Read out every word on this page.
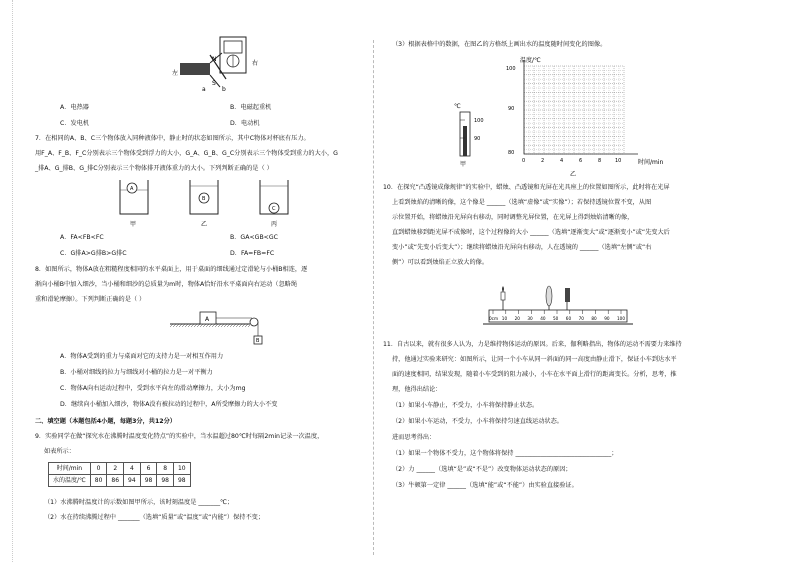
左
右
a	b
N
S
A．电热器	B．电磁起重机
C．发电机	D．电动机
7．在相同的A、B、C三个物体放入同种液体中，静止时的状态如图所示，其中C物体对杯底有压力。
用F_A、F_B、F_C分别表示三个物体受到浮力的大小，G_A、G_B、G_C分别表示三个物体受到重力的大小，G
_排A、G_排B、G_排C分别表示三个物体排开液体重力的大小。下列判断正确的是（ ）
A
甲
B
乙
C
丙
A．FA<FB<FC	B．GA<GB<GC
C．G排A>G排B>G排C	D．FA=FB=FC
8．如图所示，物体A放在粗糙程度相同的水平桌面上，用于桌面的细线通过定滑轮与小桶B相连，逐
渐向小桶B中加入细沙，当小桶和细沙的总质量为m时，物体A恰好沿水平桌面向右运动（忽略绳
重和滑轮摩擦）。下列判断正确的是（ ）
A
B
A．物体A受到的重力与桌面对它的支持力是一对相互作用力
B．小桶对细线的拉力与细线对小桶的拉力是一对平衡力
C．物体A向右运动过程中，受到水平向左的滑动摩擦力，大小为mg
D．继续向小桶加入细沙，物体A没有被拉动的过程中，A所受摩擦力的大小不变
二、填空题（本题包括4小题，每题3分，共12分）
9．实验同学在做“探究水在沸腾时温度变化特点”的实验中，当水温超过80℃时每隔2min记录一次温度，
如表所示：
时间/min	0	2	4	6	8	10
水的温度/℃	80	86	94	98	98	98
（1）水沸腾时温度计的示数如图甲所示，该时刻温度是 _______℃；
（2）水在持续沸腾过程中 _______（选填“质量”或“温度”或“内能”）保持不变；
（3）根据表格中的数据，在图乙的方格纸上画出水的温度随时间变化的图像。
℃
100
90
甲
温度/℃
时间/min
乙
100
90
80
0	2	4	6	8	10
10．在探究“凸透镜成像规律”的实验中，蜡烛、凸透镜和光屏在光具座上的位置如图所示，此时将在光屏
上看到烛焰的清晰的像，这个像是 ______（选填“虚像”或“实像”）；若保持透镜位置不变，从图
示位置开始，将蜡烛沿光屏向右移动，同时调整光屏位置，在光屏上得到烛焰清晰的像，
直到蜡烛移到距光屏不成像时，这个过程像的大小 ______（选填“逐渐变大”或“逐渐变小”或“先变大后
变小”或“先变小后变大”）；继续将蜡烛沿光屏向右移动，人在透镜的 ______（选填“左侧”或“右
侧”）可以看到烛焰正立放大的像。
0cm 10 20 30 40 50 60 70 80 90 100
11．自古以来，就有很多人认为，力是维持物体运动的原因。后来，伽利略指出，物体的运动不需要力来维持
持，他通过实验来研究：如图所示，让同一个小车从同一斜面的同一高度由静止滑下，保证小车到达水平
面的速度相同，结果发现，随着小车受到的阻力减小，小车在水平面上滑行的距离变长。分析，思考，推
理，他得出结论：
（1）如果小车静止，不受力，小车将保持静止状态。
（2）如果小车运动，不受力，小车将保持匀速直线运动状态。
进而思考得出：
（1）如果一个物体不受力，这个物体将保持 _______________________________；
（2）力 ______（选填“是”或“不是”）改变物体运动状态的原因；
（3）牛顿第一定律 ______（选填“能”或“不能”）由实验直接验证。
